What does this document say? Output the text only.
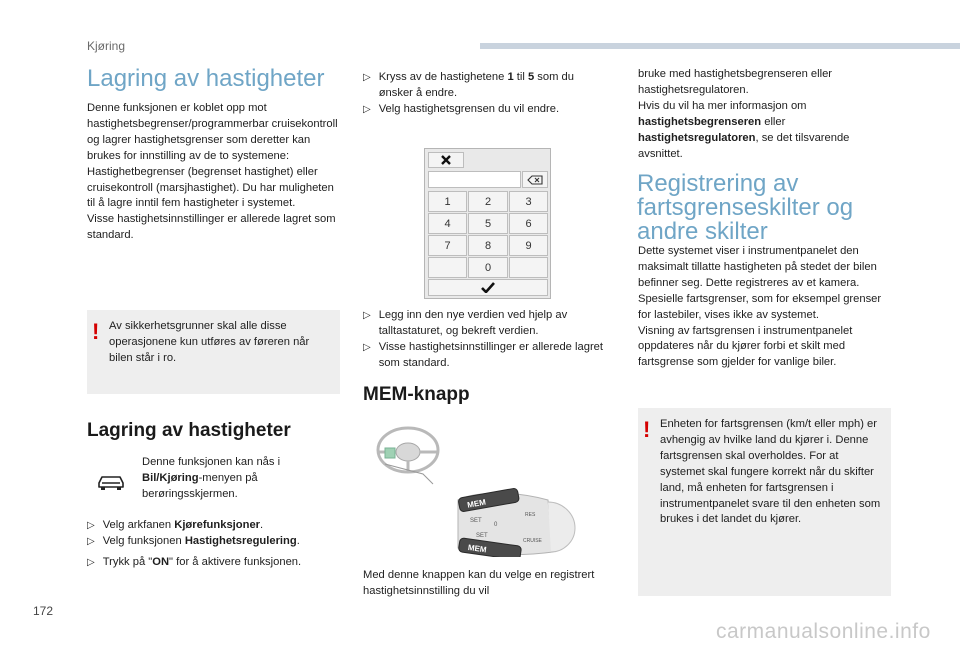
Kjøring
Lagring av hastigheter

Denne funksjonen er koblet opp mot hastighetsbegrenser/programmerbar cruisekontroll og lagrer hastighetsgrenser som deretter kan brukes for innstilling av de to systemene: Hastighetbegrenser (begrenset hastighet) eller cruisekontroll (marsjhastighet). Du har muligheten til å lagre inntil fem hastigheter i systemet.

Visse hastighetsinnstillinger er allerede lagret som standard.

! Av sikkerhetsgrunner skal alle disse operasjonene kun utføres av føreren når bilen står i ro.
Lagring av hastigheter
Denne funksjonen kan nås i Bil/Kjøring-menyen på berøringsskjermen.
▷ Velg arkfanen Kjørefunksjoner.
▷ Velg funksjonen Hastighetsregulering.
▷ Trykk på "ON" for å aktivere funksjonen.
▷ Kryss av de hastighetene 1 til 5 som du ønsker å endre.
▷ Velg hastighetsgrensen du vil endre.
1	2	3
4	5	6
7	8	9
0
▷ Legg inn den nye verdien ved hjelp av talltastaturet, og bekreft verdien.
▷ Visse hastighetsinnstillinger er allerede lagret som standard.
MEM-knapp
MEM
SET
SET
RES
0
CRUISE
MEM
Med denne knappen kan du velge en registrert hastighetsinnstilling du vil

bruke med hastighetsbegrenseren eller hastighetsregulatoren.

Hvis du vil ha mer informasjon om hastighetsbegrenseren eller hastighetsregulatoren, se det tilsvarende avsnittet.

Registrering av fartsgrenseskilter og andre skilter

Dette systemet viser i instrumentpanelet den maksimalt tillatte hastigheten på stedet der bilen befinner seg. Dette registreres av et kamera.

Spesielle fartsgrenser, som for eksempel grenser for lastebiler, vises ikke av systemet.

Visning av fartsgrensen i instrumentpanelet oppdateres når du kjører forbi et skilt med fartsgrense som gjelder for vanlige biler.

! Enheten for fartsgrensen (km/t eller mph) er avhengig av hvilke land du kjører i. Denne fartsgrensen skal overholdes. For at systemet skal fungere korrekt når du skifter land, må enheten for fartsgrensen i instrumentpanelet svare til den enheten som brukes i det landet du kjører.
172
carmanualsonline.info
